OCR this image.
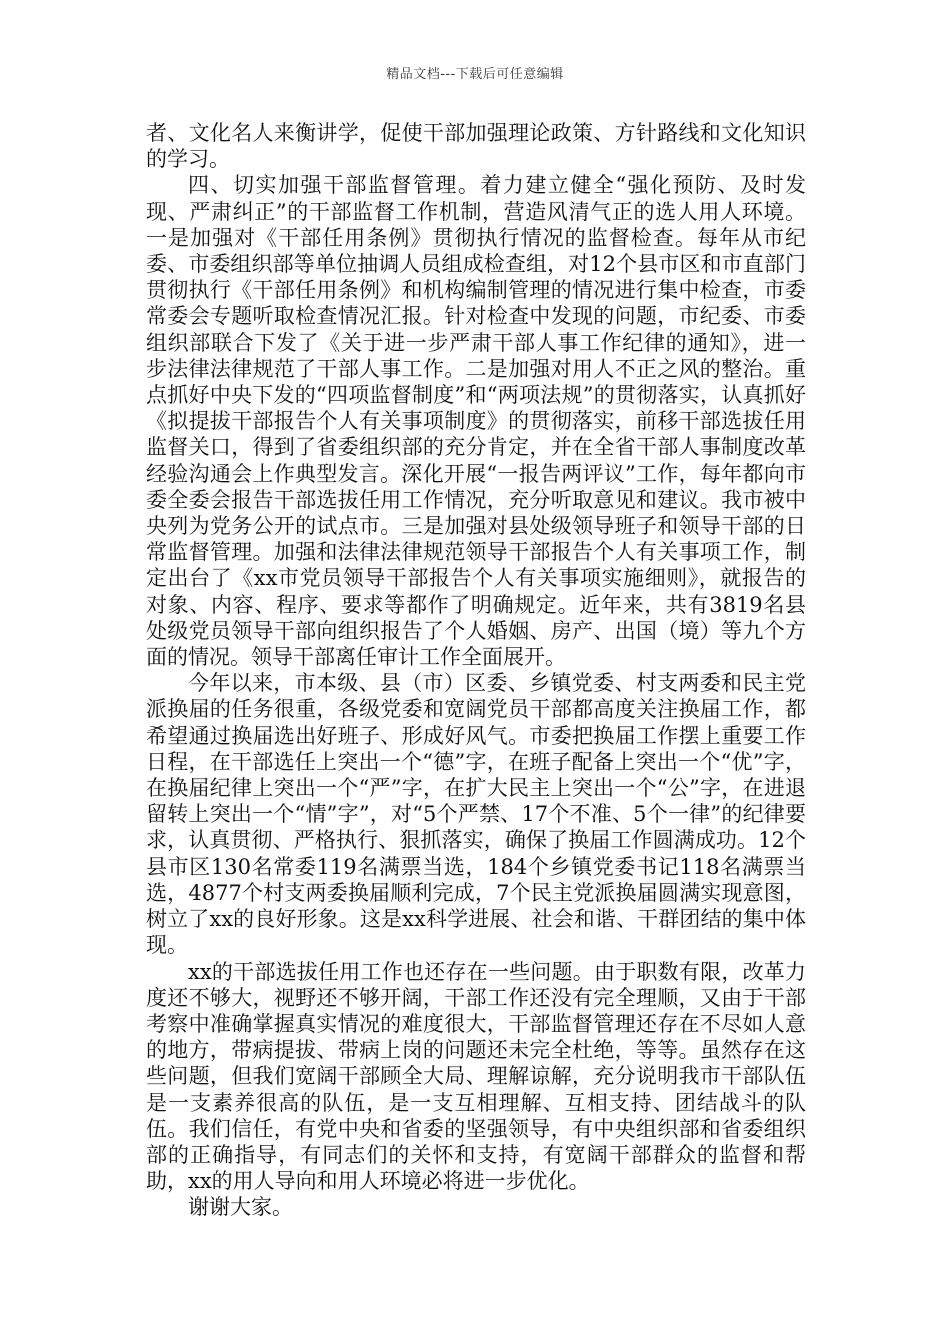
精品文档---下载后可任意编辑

者、文化名人来衡讲学，促使干部加强理论政策、方针路线和文化知识的学习。

四、切实加强干部监督管理。着力建立健全“强化预防、及时发现、严肃纠正”的干部监督工作机制，营造风清气正的选人用人环境。一是加强对《干部任用条例》贯彻执行情况的监督检查。每年从市纪委、市委组织部等单位抽调人员组成检查组，对12个县市区和市直部门贯彻执行《干部任用条例》和机构编制管理的情况进行集中检查，市委常委会专题听取检查情况汇报。针对检查中发现的问题，市纪委、市委组织部联合下发了《关于进一步严肃干部人事工作纪律的通知》，进一步法律法律规范了干部人事工作。二是加强对用人不正之风的整治。重点抓好中央下发的“四项监督制度”和“两项法规”的贯彻落实，认真抓好《拟提拔干部报告个人有关事项制度》的贯彻落实，前移干部选拔任用监督关口，得到了省委组织部的充分肯定，并在全省干部人事制度改革经验沟通会上作典型发言。深化开展“一报告两评议”工作，每年都向市委全委会报告干部选拔任用工作情况，充分听取意见和建议。我市被中央列为党务公开的试点市。三是加强对县处级领导班子和领导干部的日常监督管理。加强和法律法律规范领导干部报告个人有关事项工作，制定出台了《xx市党员领导干部报告个人有关事项实施细则》，就报告的对象、内容、程序、要求等都作了明确规定。近年来，共有3819名县处级党员领导干部向组织报告了个人婚姻、房产、出国（境）等九个方面的情况。领导干部离任审计工作全面展开。

今年以来，市本级、县（市）区委、乡镇党委、村支两委和民主党派换届的任务很重，各级党委和宽阔党员干部都高度关注换届工作，都希望通过换届选出好班子、形成好风气。市委把换届工作摆上重要工作日程，在干部选任上突出一个“德”字，在班子配备上突出一个“优”字，在换届纪律上突出一个“严”字，在扩大民主上突出一个“公”字，在进退留转上突出一个“情”字”，对“5个严禁、17个不准、5个一律”的纪律要求，认真贯彻、严格执行、狠抓落实，确保了换届工作圆满成功。12个县市区130名常委119名满票当选，184个乡镇党委书记118名满票当选，4877个村支两委换届顺利完成，7个民主党派换届圆满实现意图，树立了xx的良好形象。这是xx科学进展、社会和谐、干群团结的集中体现。

xx的干部选拔任用工作也还存在一些问题。由于职数有限，改革力度还不够大，视野还不够开阔，干部工作还没有完全理顺，又由于干部考察中准确掌握真实情况的难度很大，干部监督管理还存在不尽如人意的地方，带病提拔、带病上岗的问题还未完全杜绝，等等。虽然存在这些问题，但我们宽阔干部顾全大局、理解谅解，充分说明我市干部队伍是一支素养很高的队伍，是一支互相理解、互相支持、团结战斗的队伍。我们信任，有党中央和省委的坚强领导，有中央组织部和省委组织部的正确指导，有同志们的关怀和支持，有宽阔干部群众的监督和帮助，xx的用人导向和用人环境必将进一步优化。

谢谢大家。
